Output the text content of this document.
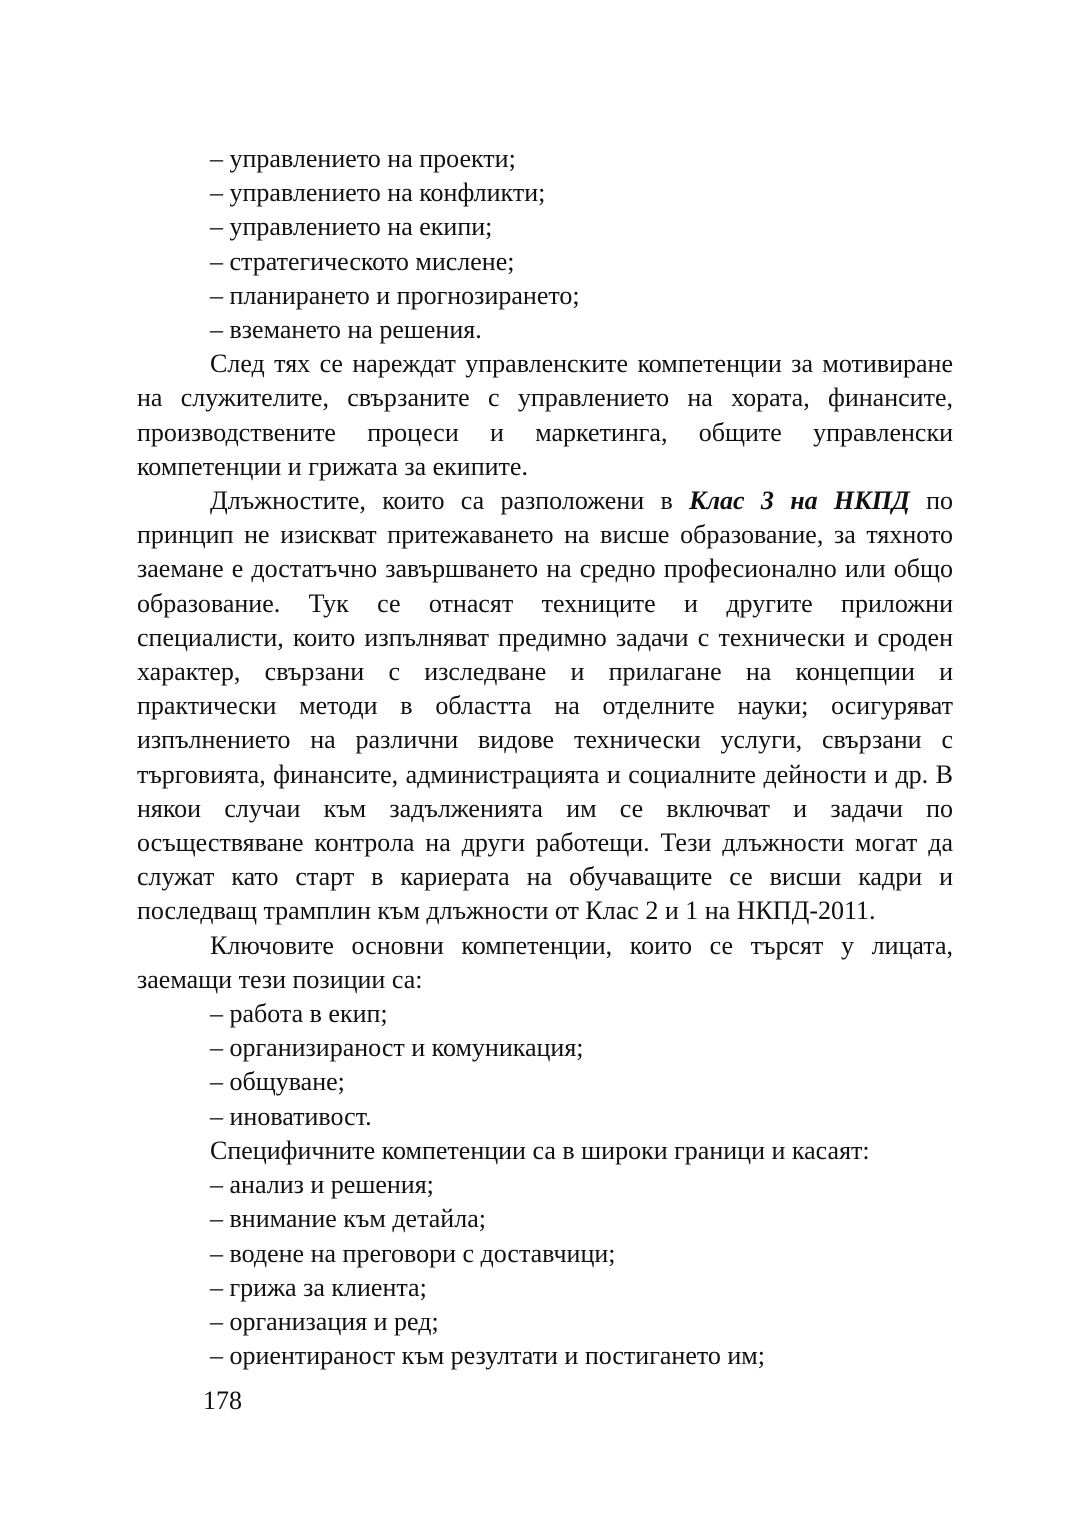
– управлението на проекти;
– управлението на конфликти;
– управлението на екипи;
– стратегическото мислене;
– планирането и прогнозирането;
– вземането на решения.

След тях се нареждат управленските компетенции за мотивиране на служителите, свързаните с управлението на хората, финансите, производствените процеси и маркетинга, общите управленски компетенции и грижата за екипите.

Длъжностите, които са разположени в Клас 3 на НКПД по принцип не изискват притежаването на висше образование, за тяхното заемане е достатъчно завършването на средно професионално или общо образование. Тук се отнасят техниците и другите приложни специалисти, които изпълняват предимно задачи с технически и сроден характер, свързани с изследване и прилагане на концепции и практически методи в областта на отделните науки; осигуряват изпълнението на различни видове технически услуги, свързани с търговията, финансите, администрацията и социалните дейности и др. В някои случаи към задълженията им се включват и задачи по осъществяване контрола на други работещи. Тези длъжности могат да служат като старт в кариерата на обучаващите се висши кадри и последващ трамплин към длъжности от Клас 2 и 1 на НКПД-2011.

Ключовите основни компетенции, които се търсят у лицата, заемащи тези позиции са:

– работа в екип;
– организираност и комуникация;
– общуване;
– иновативост.
Специфичните компетенции са в широки граници и касаят:
– анализ и решения;
– внимание към детайла;
– водене на преговори с доставчици;
– грижа за клиента;
– организация и ред;
– ориентираност към резултати и постигането им;
178
